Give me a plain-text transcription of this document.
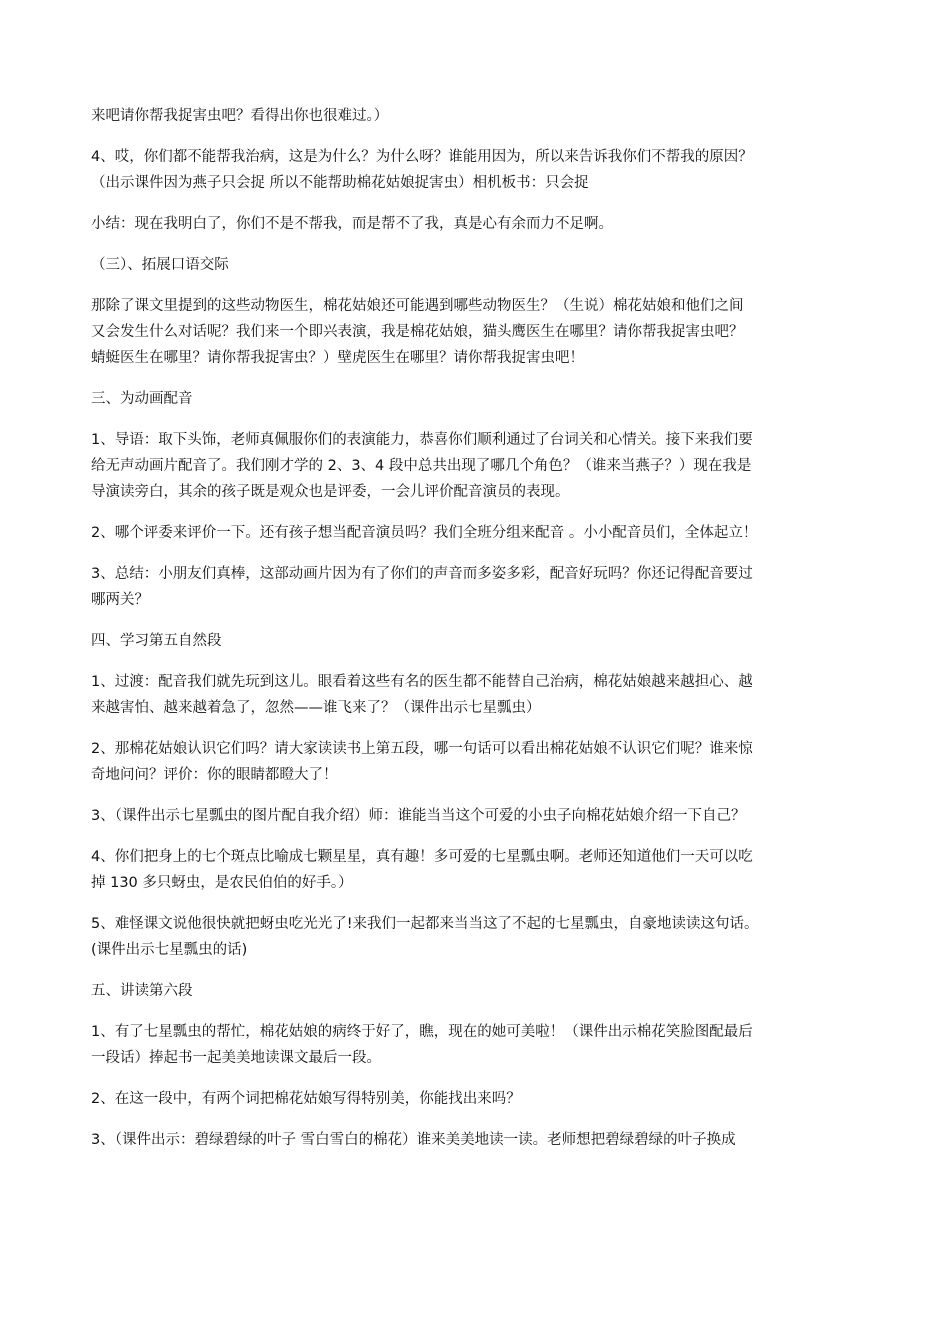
来吧请你帮我捉害虫吧？看得出你也很难过。）

4、哎，你们都不能帮我治病，这是为什么？为什么呀？谁能用因为，所以来告诉我你们不帮我的原因？
（出示课件因为燕子只会捉 所以不能帮助棉花姑娘捉害虫）相机板书：只会捉

小结：现在我明白了，你们不是不帮我，而是帮不了我，真是心有余而力不足啊。

（三）、拓展口语交际

那除了课文里提到的这些动物医生，棉花姑娘还可能遇到哪些动物医生？（生说）棉花姑娘和他们之间
又会发生什么对话呢？我们来一个即兴表演，我是棉花姑娘，猫头鹰医生在哪里？请你帮我捉害虫吧？
蜻蜓医生在哪里？请你帮我捉害虫？）壁虎医生在哪里？请你帮我捉害虫吧！

三、为动画配音

1、导语：取下头饰，老师真佩服你们的表演能力，恭喜你们顺利通过了台词关和心情关。接下来我们要
给无声动画片配音了。我们刚才学的 2、3、4 段中总共出现了哪几个角色？（谁来当燕子？）现在我是
导演读旁白，其余的孩子既是观众也是评委，一会儿评价配音演员的表现。

2、哪个评委来评价一下。还有孩子想当配音演员吗？我们全班分组来配音 。小小配音员们，全体起立！

3、总结：小朋友们真棒，这部动画片因为有了你们的声音而多姿多彩，配音好玩吗？你还记得配音要过
哪两关？

四、学习第五自然段

1、过渡：配音我们就先玩到这儿。眼看着这些有名的医生都不能替自己治病，棉花姑娘越来越担心、越
来越害怕、越来越着急了，忽然——谁飞来了？（课件出示七星瓢虫）

2、那棉花姑娘认识它们吗？请大家读读书上第五段，哪一句话可以看出棉花姑娘不认识它们呢？谁来惊
奇地问问？评价：你的眼睛都瞪大了！

3、（课件出示七星瓢虫的图片配自我介绍）师：谁能当当这个可爱的小虫子向棉花姑娘介绍一下自己？

4、你们把身上的七个斑点比喻成七颗星星，真有趣！多可爱的七星瓢虫啊。老师还知道他们一天可以吃
掉 130 多只蚜虫，是农民伯伯的好手。）

5、难怪课文说他很快就把蚜虫吃光光了!来我们一起都来当当这了不起的七星瓢虫，自豪地读读这句话。
(课件出示七星瓢虫的话)

五、讲读第六段

1、有了七星瓢虫的帮忙，棉花姑娘的病终于好了，瞧，现在的她可美啦！（课件出示棉花笑脸图配最后
一段话）捧起书一起美美地读课文最后一段。

2、在这一段中，有两个词把棉花姑娘写得特别美，你能找出来吗？

3、（课件出示：碧绿碧绿的叶子 雪白雪白的棉花）谁来美美地读一读。老师想把碧绿碧绿的叶子换成
